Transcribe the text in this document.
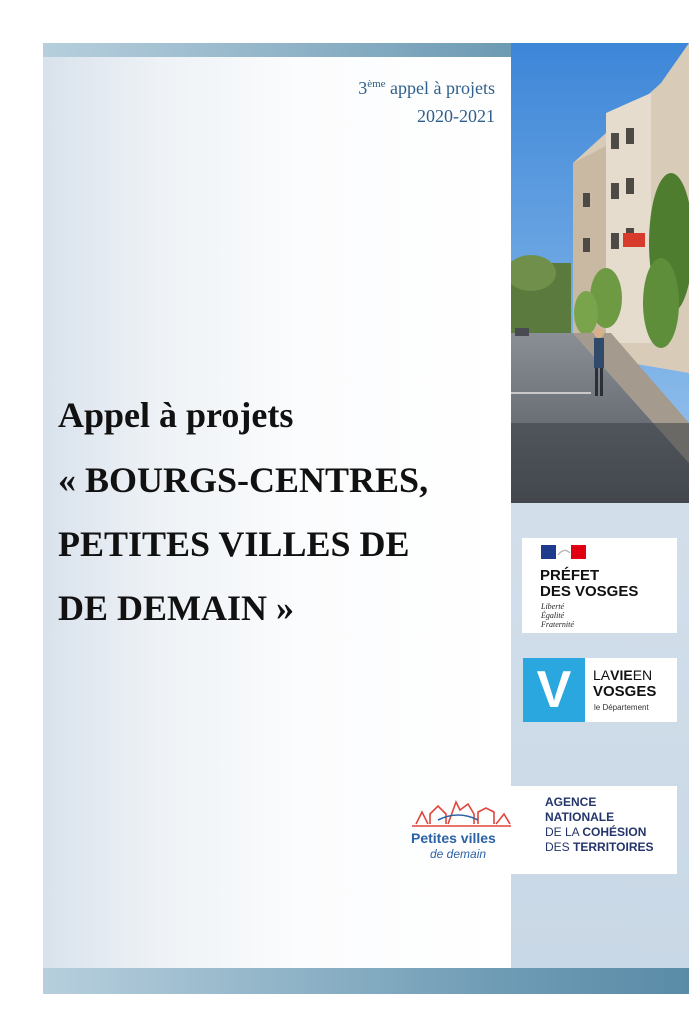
3ème appel à projets
2020-2021
Appel à projets
« BOURGS-CENTRES,
PETITES VILLES DE
DE DEMAIN »
PRÉFET
DES VOSGES
Liberté
Égalité
Fraternité
V	LAVIEEN
VOSGES
le Département
Petites villes
de demain
AGENCE
NATIONALE
DE LA COHÉSION
DES TERRITOIRES
